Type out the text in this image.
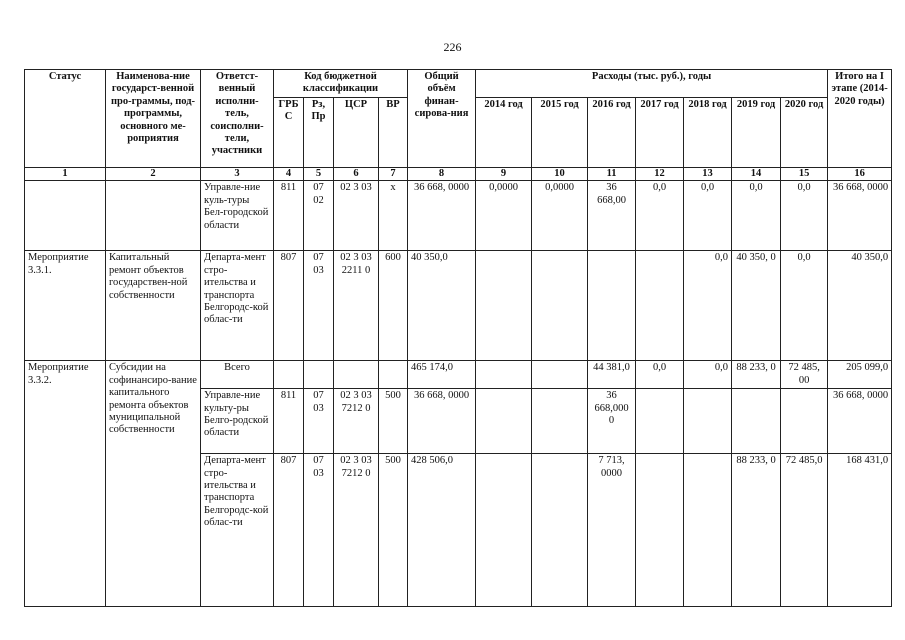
226
Статус	Наименова-ние государст-венной про-граммы, под-программы, основного ме-роприятия	Ответст-венный исполни-тель, соисполни-тели, участники	Код бюджетной классификации				Общий объём финан-сирова-ния	Расходы (тыс. руб.), годы							Итого на I этапе (2014-2020 годы)
			ГРБ С	Рз, Пр	ЦСР	ВР		2014 год	2015 год	2016 год	2017 год	2018 год	2019 год	2020 год	
1	2	3	4	5	6	7	8	9	10	11	12	13	14	15	16
		Управле-ние куль-туры Бел-городской области	811	07 02	02 3 03	х	36 668, 0000	0,0000	0,0000	36 668,00	0,0	0,0	0,0	0,0	36 668, 0000
Мероприятие 3.3.1.	Капитальный ремонт объектов государствен-ной собственности	Департа-мент стро-ительства и транспорта Белгородс-кой облас-ти	807	07 03	02 3 03 2211 0	600	40 350,0					0,0	40 350, 0	0,0	40 350,0
Мероприятие 3.3.2.	Субсидии на софинансиро-вание капитального ремонта объектов муниципальной собственности	Всего					465 174,0			44 381,0	0,0	0,0	88 233, 0	72 485, 00	205 099,0
		Управле-ние культу-ры Белго-родской области	811	07 03	02 3 03 7212 0	500	36 668, 0000			36 668,000 0					36 668, 0000
		Департа-мент стро-ительства и транспорта Белгородс-кой облас-ти	807	07 03	02 3 03 7212 0	500	428 506,0			7 713, 0000			88 233, 0	72 485,0	168 431,0
